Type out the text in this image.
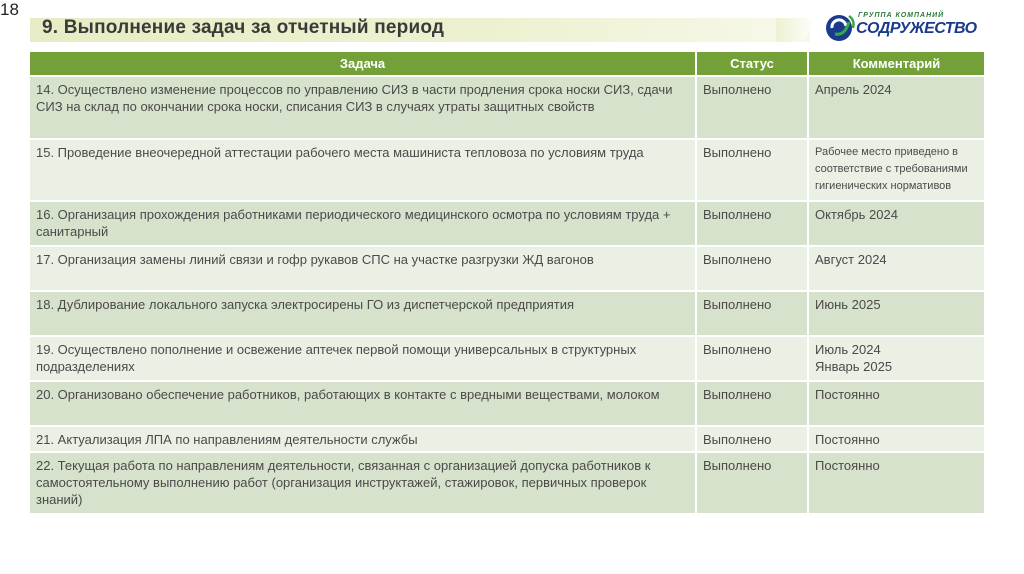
18
9. Выполнение задач за отчетный период
ГРУППА КОМПАНИЙ
СОДРУЖЕСТВО
Задача	Статус	Комментарий
14. Осуществлено изменение процессов по управлению СИЗ в части продления срока носки СИЗ, сдачи СИЗ на склад по окончании срока носки, списания СИЗ в случаях утраты защитных свойств	Выполнено	Апрель 2024
15. Проведение внеочередной аттестации рабочего места машиниста тепловоза по условиям труда	Выполнено	Рабочее место приведено в соответствие с требованиями гигиенических нормативов
16. Организация прохождения работниками периодического медицинского осмотра по условиям труда + санитарный	Выполнено	Октябрь 2024
17. Организация замены линий связи и гофр рукавов СПС на участке разгрузки ЖД вагонов	Выполнено	Август 2024
18. Дублирование локального запуска электросирены ГО из диспетчерской предприятия	Выполнено	Июнь 2025
19. Осуществлено пополнение и освежение аптечек первой помощи универсальных в структурных подразделениях	Выполнено	Июль 2024
Январь 2025

20. Организовано обеспечение работников, работающих в контакте с вредными веществами, молоком	Выполнено	Постоянно
21. Актуализация ЛПА по направлениям деятельности службы	Выполнено	Постоянно
22. Текущая работа по направлениям деятельности, связанная с организацией допуска работников к самостоятельному выполнению работ (организация инструктажей, стажировок, первичных проверок знаний)	Выполнено	Постоянно
